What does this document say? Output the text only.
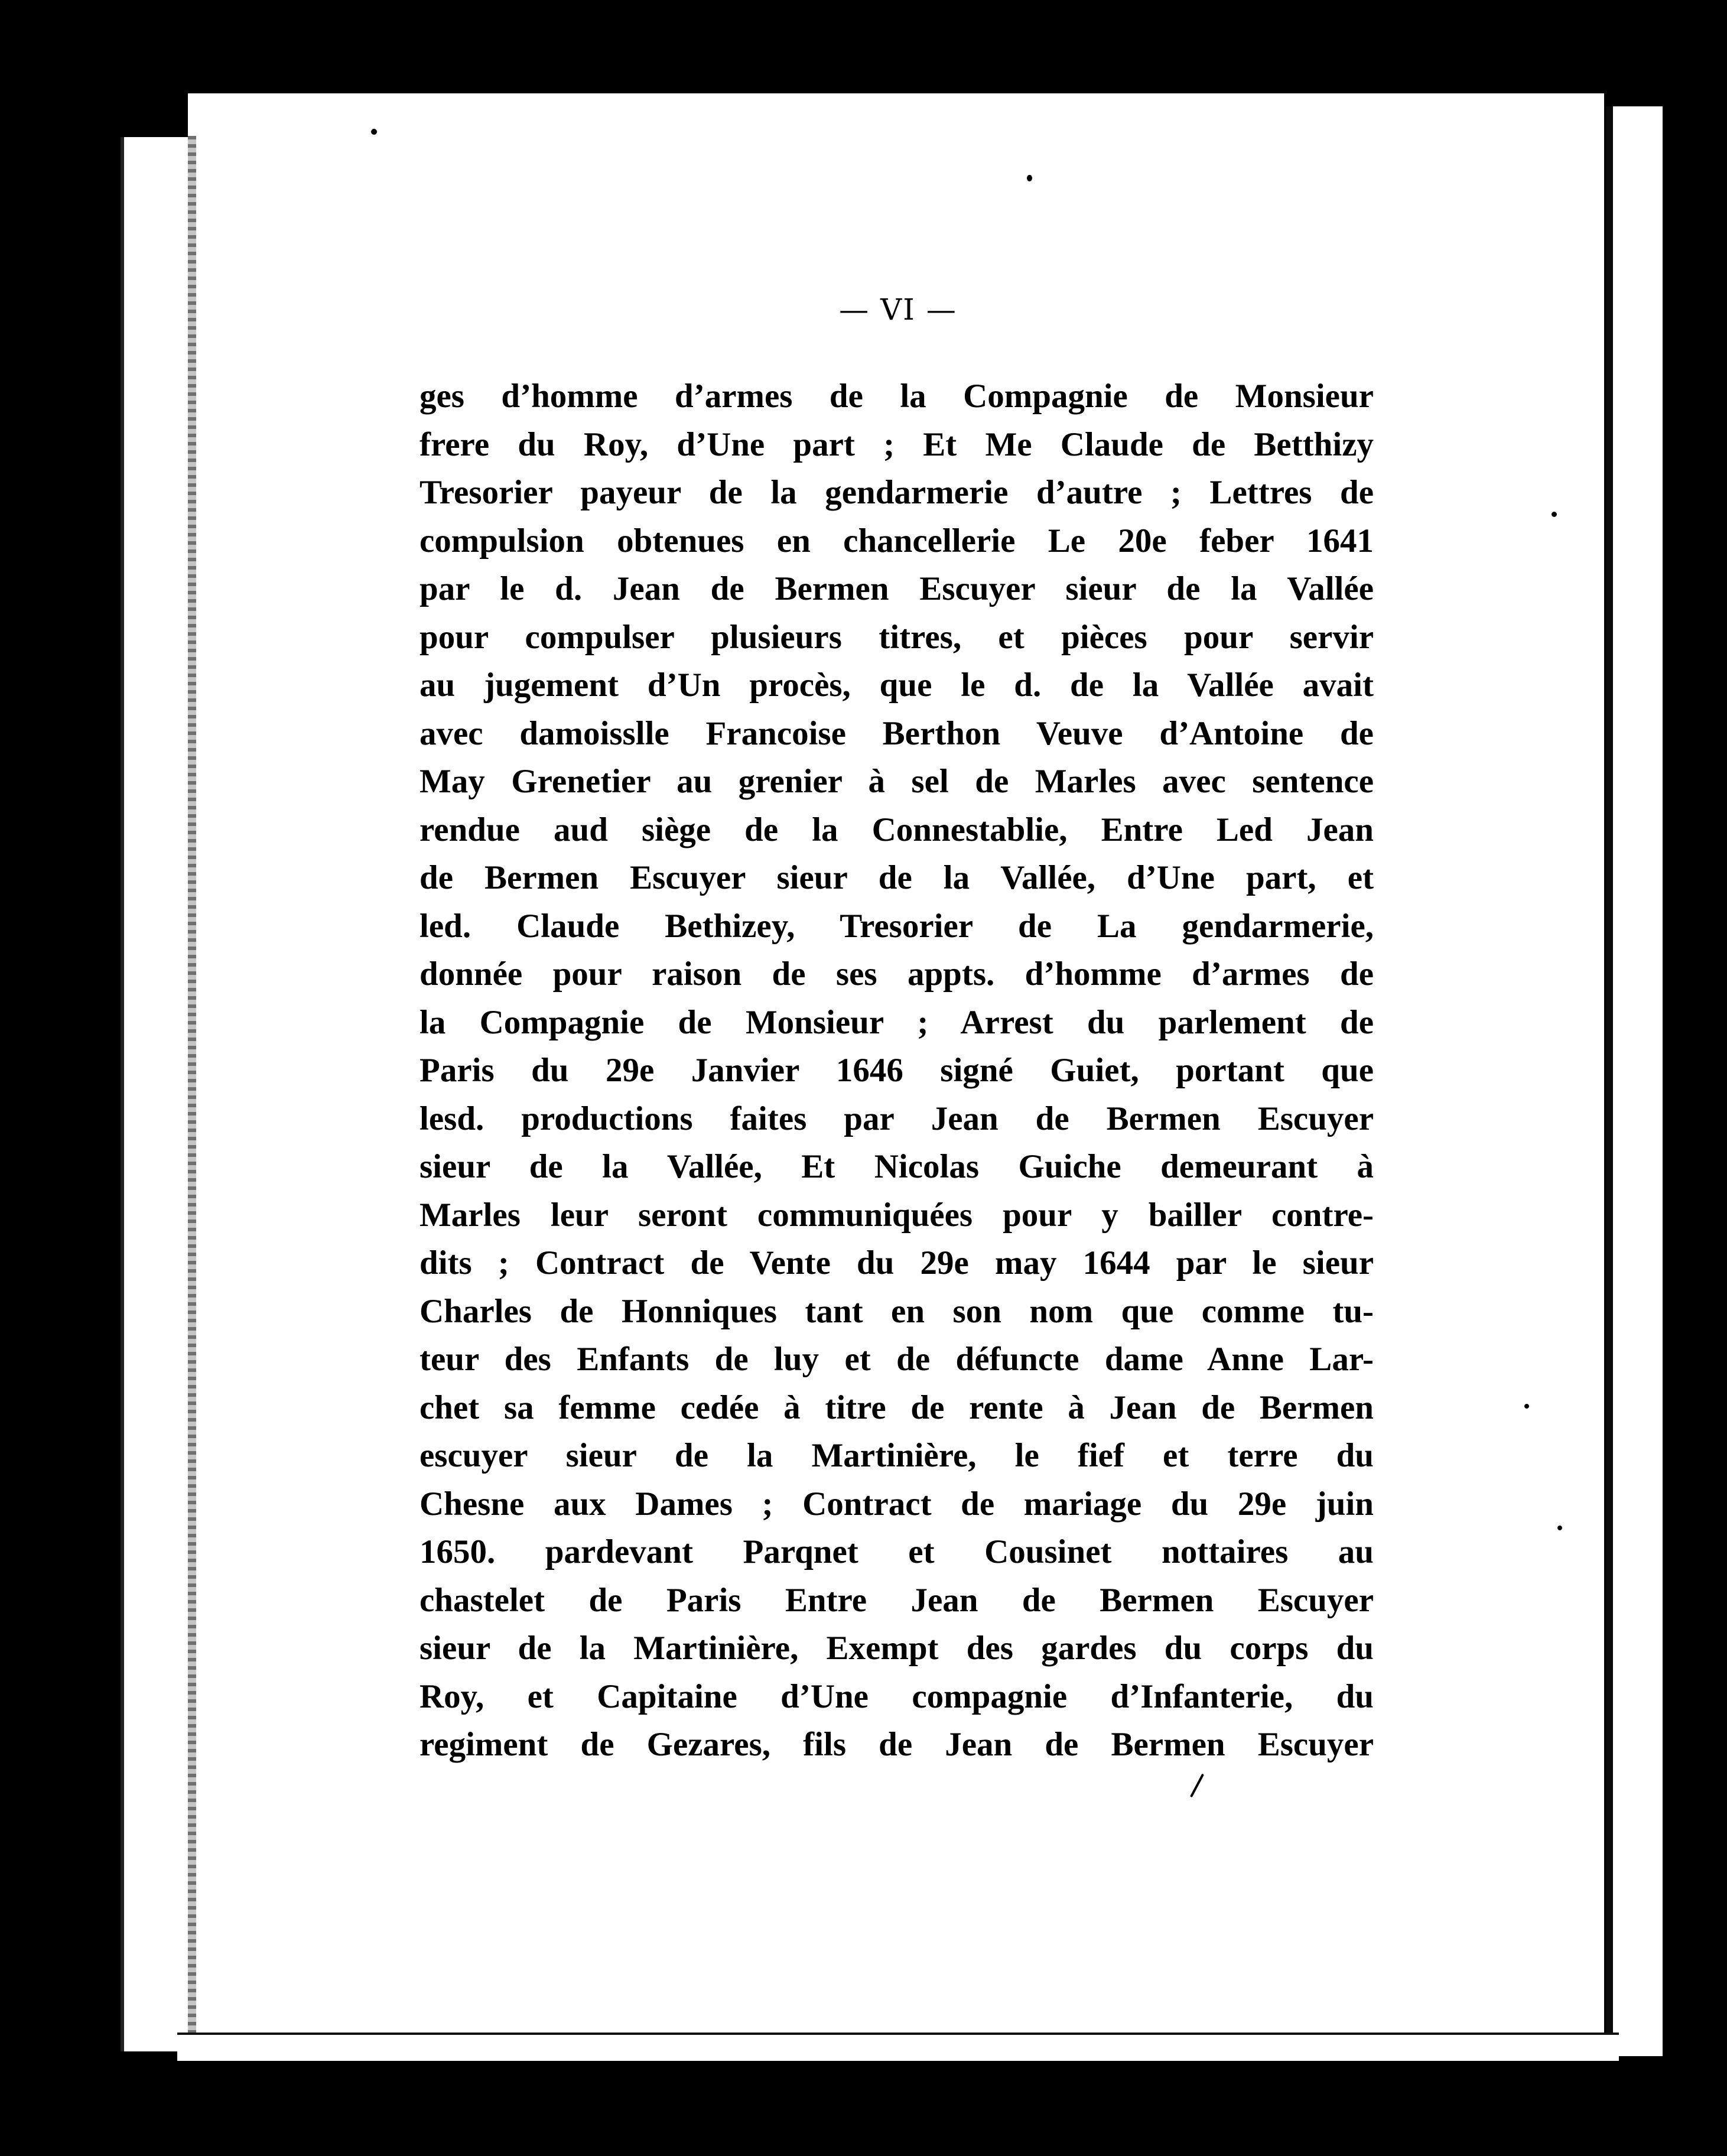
— VI —
ges d’homme d’armes de la Compagnie de Monsieur
frere du Roy, d’Une part ; Et Me Claude de Betthizy
Tresorier payeur de la gendarmerie d’autre ; Lettres de
compulsion obtenues en chancellerie Le 20e feber 1641
par le d. Jean de Bermen Escuyer sieur de la Vallée
pour compulser plusieurs titres, et pièces pour servir
au jugement d’Un procès, que le d. de la Vallée avait
avec damoisslle Francoise Berthon Veuve d’Antoine de
May Grenetier au grenier à sel de Marles avec sentence
rendue aud siège de la Connestablie, Entre Led Jean
de Bermen Escuyer sieur de la Vallée, d’Une part, et
led. Claude Bethizey, Tresorier de La gendarmerie,
donnée pour raison de ses appts. d’homme d’armes de
la Compagnie de Monsieur ; Arrest du parlement de
Paris du 29e Janvier 1646 signé Guiet, portant que
lesd. productions faites par Jean de Bermen Escuyer
sieur de la Vallée, Et Nicolas Guiche demeurant à
Marles leur seront communiquées pour y bailler contre-
dits ; Contract de Vente du 29e may 1644 par le sieur
Charles de Honniques tant en son nom que comme tu-
teur des Enfants de luy et de défuncte dame Anne Lar-
chet sa femme cedée à titre de rente à Jean de Bermen
escuyer sieur de la Martinière, le fief et terre du
Chesne aux Dames ; Contract de mariage du 29e juin
1650. pardevant Parqnet et Cousinet nottaires au
chastelet de Paris Entre Jean de Bermen Escuyer
sieur de la Martinière, Exempt des gardes du corps du
Roy, et Capitaine d’Une compagnie d’Infanterie, du
regiment de Gezares, fils de Jean de Bermen Escuyer
